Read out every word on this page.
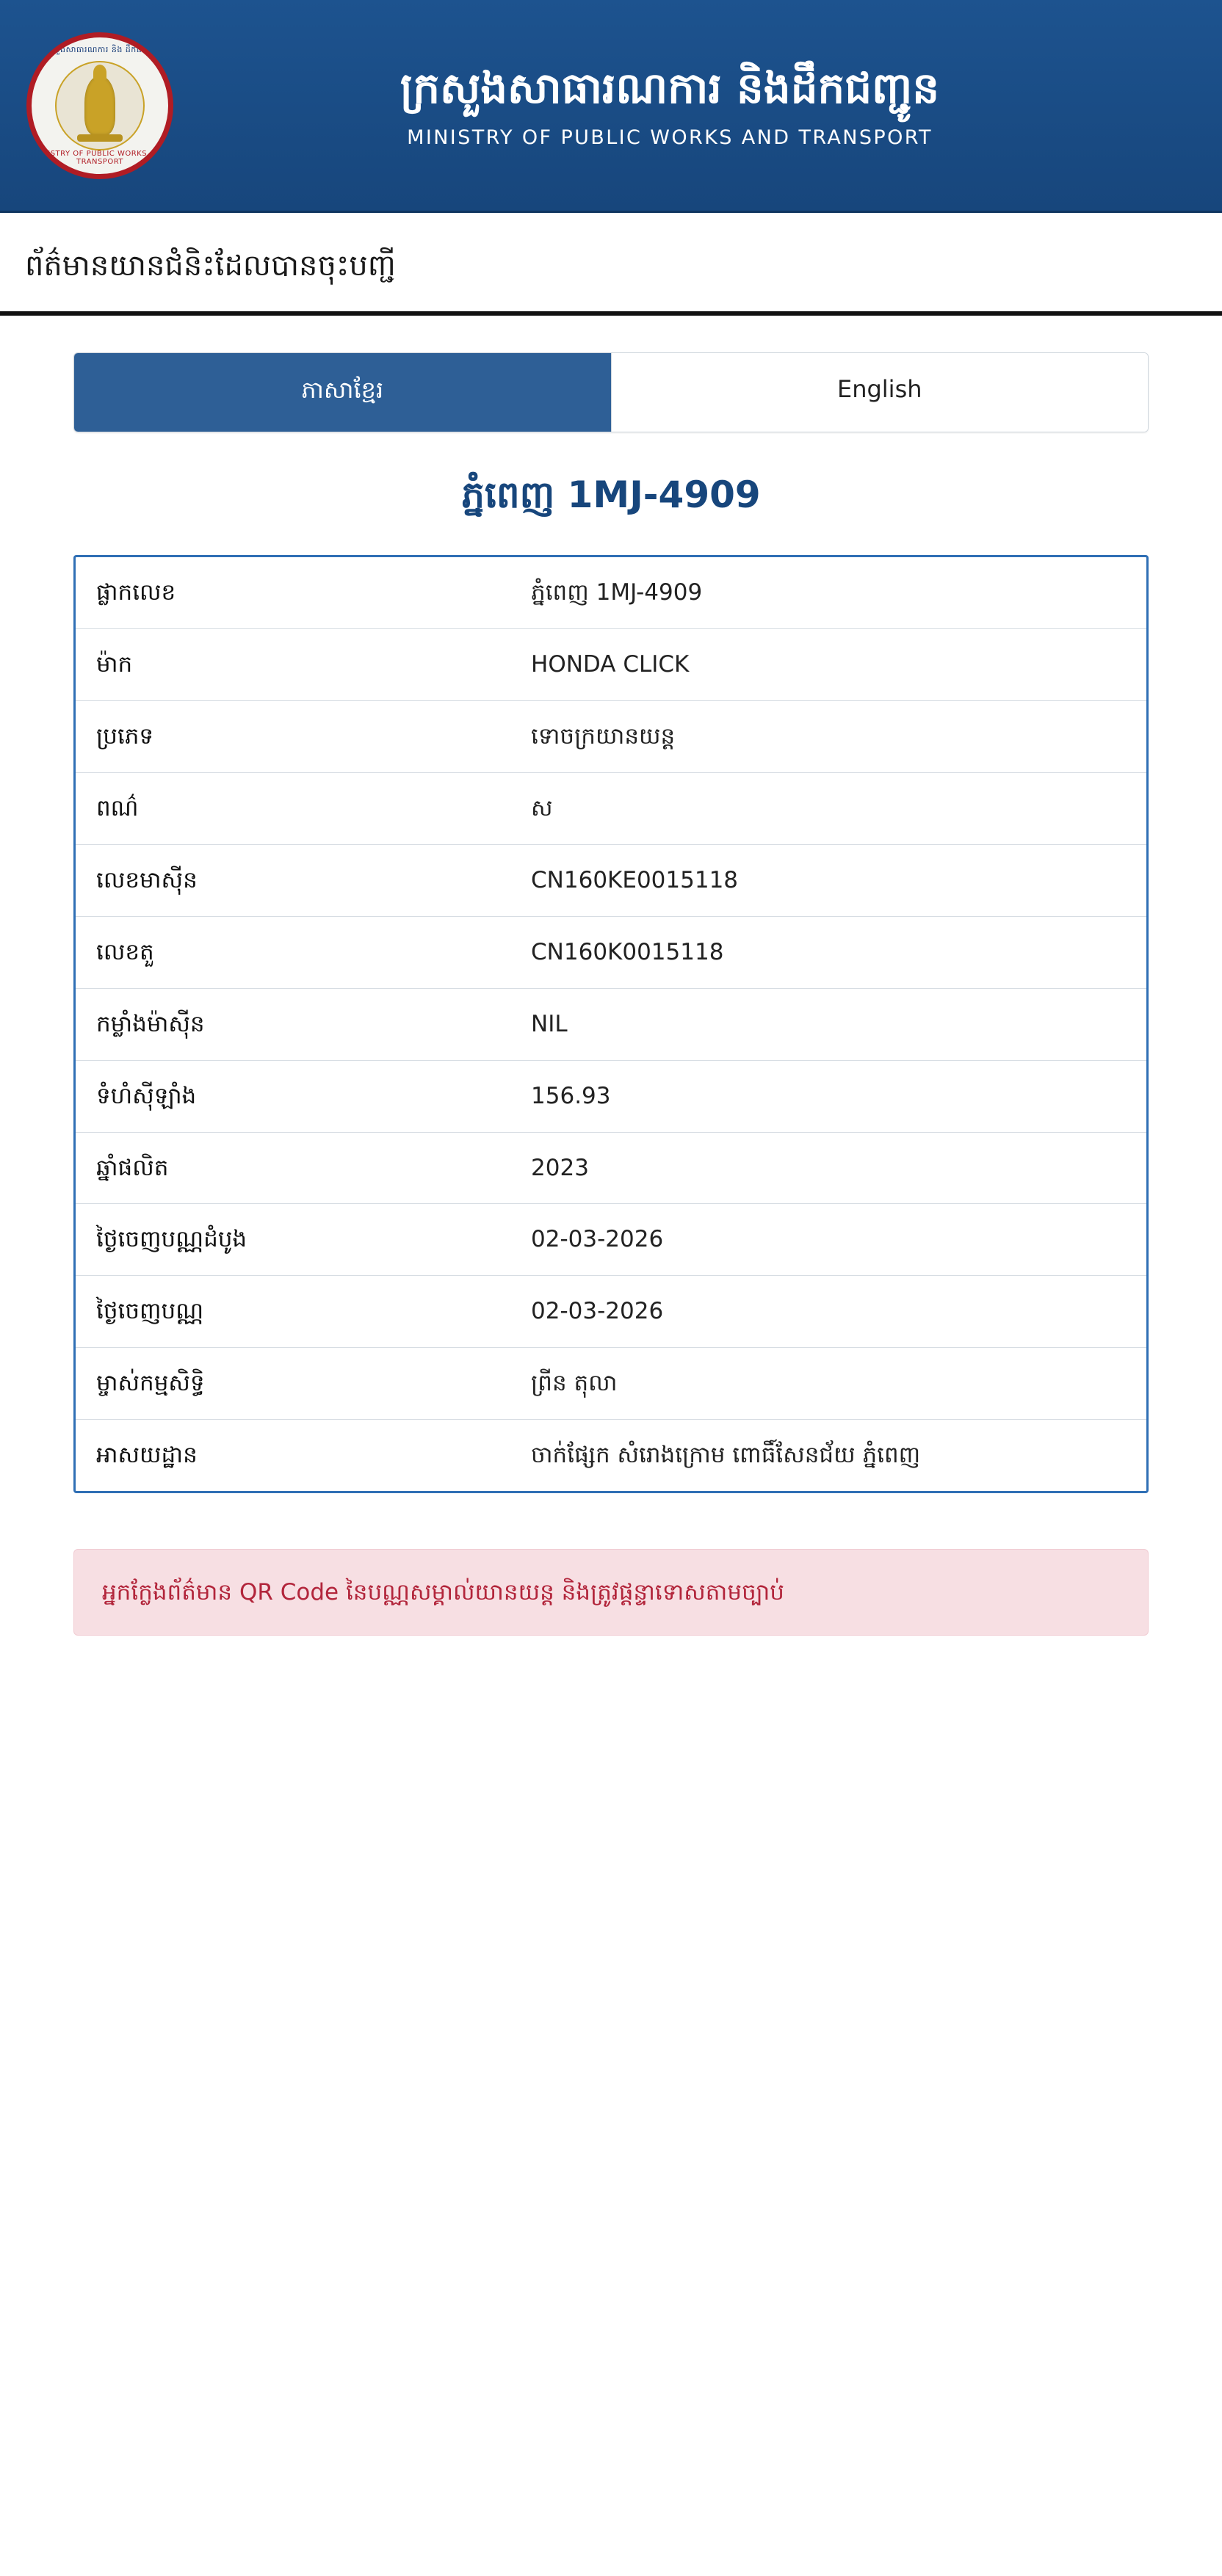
ក្រសួងសាធារណការ និង ដឹកជញ្ជូន
MINISTRY OF PUBLIC WORKS AND TRANSPORT
ក្រសួងសាធារណការ និងដឹកជញ្ជូន
MINISTRY OF PUBLIC WORKS AND TRANSPORT
ព័ត៌មានយានជំនិះដែលបានចុះបញ្ជី
ភាសាខ្មែរ	English
ភ្នំពេញ 1MJ-4909
ផ្លាកលេខ	ភ្នំពេញ 1MJ-4909
ម៉ាក	HONDA CLICK
ប្រភេទ	ទោចក្រយានយន្ត
ពណ៌	ស
លេខមាស៊ីន	CN160KE0015118
លេខតួ	CN160K0015118
កម្លាំងម៉ាស៊ីន	NIL
ទំហំស៊ីឡាំង	156.93
ឆ្នាំផលិត	2023
ថ្ងៃចេញបណ្ណដំបូង	02-03-2026
ថ្ងៃចេញបណ្ណ	02-03-2026
ម្ចាស់កម្មសិទ្ធិ	ព្រីន តុលា
អាសយដ្ឋាន	ចាក់ផ្សែក សំរោងក្រោម ពោធិ៍សែនជ័យ ភ្នំពេញ
អ្នកក្លែងព័ត៌មាន QR Code នៃបណ្ណសម្គាល់យានយន្ត និងត្រូវផ្តន្ទាទោសតាមច្បាប់
